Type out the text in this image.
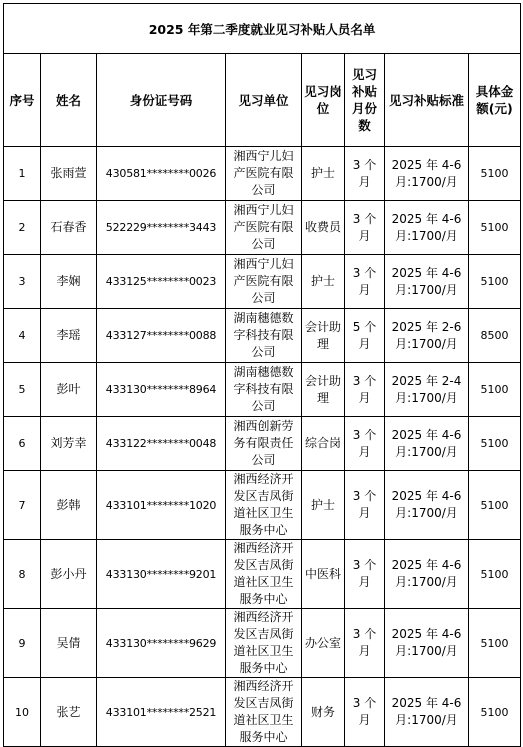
2025 年第二季度就业见习补贴人员名单							
序号	姓名	身份证号码	见习单位	见习岗位	见习补贴月份数	见习补贴标准	具体金额(元)
1	张雨萱	430581********0026	湘西宁儿妇产医院有限公司	护士	3 个月	2025 年 4-6 月:1700/月	5100
2	石春香	522229********3443	湘西宁儿妇产医院有限公司	收费员	3 个月	2025 年 4-6 月:1700/月	5100
3	李娴	433125********0023	湘西宁儿妇产医院有限公司	护士	3 个月	2025 年 4-6 月:1700/月	5100
4	李瑶	433127********0088	湖南穗德数字科技有限公司	会计助理	5 个月	2025 年 2-6 月:1700/月	8500
5	彭叶	433130********8964	湖南穗德数字科技有限公司	会计助理	3 个月	2025 年 2-4 月:1700/月	5100
6	刘芳幸	433122********0048	湘西创新劳务有限责任公司	综合岗	3 个月	2025 年 4-6 月:1700/月	5100
7	彭韩	433101********1020	湘西经济开发区吉凤街道社区卫生服务中心	护士	3 个月	2025 年 4-6 月:1700/月	5100
8	彭小丹	433130********9201	湘西经济开发区吉凤街道社区卫生服务中心	中医科	3 个月	2025 年 4-6 月:1700/月	5100
9	吴倩	433130********9629	湘西经济开发区吉凤街道社区卫生服务中心	办公室	3 个月	2025 年 4-6 月:1700/月	5100
10	张艺	433101********2521	湘西经济开发区吉凤街道社区卫生服务中心	财务	3 个月	2025 年 4-6 月:1700/月	5100
